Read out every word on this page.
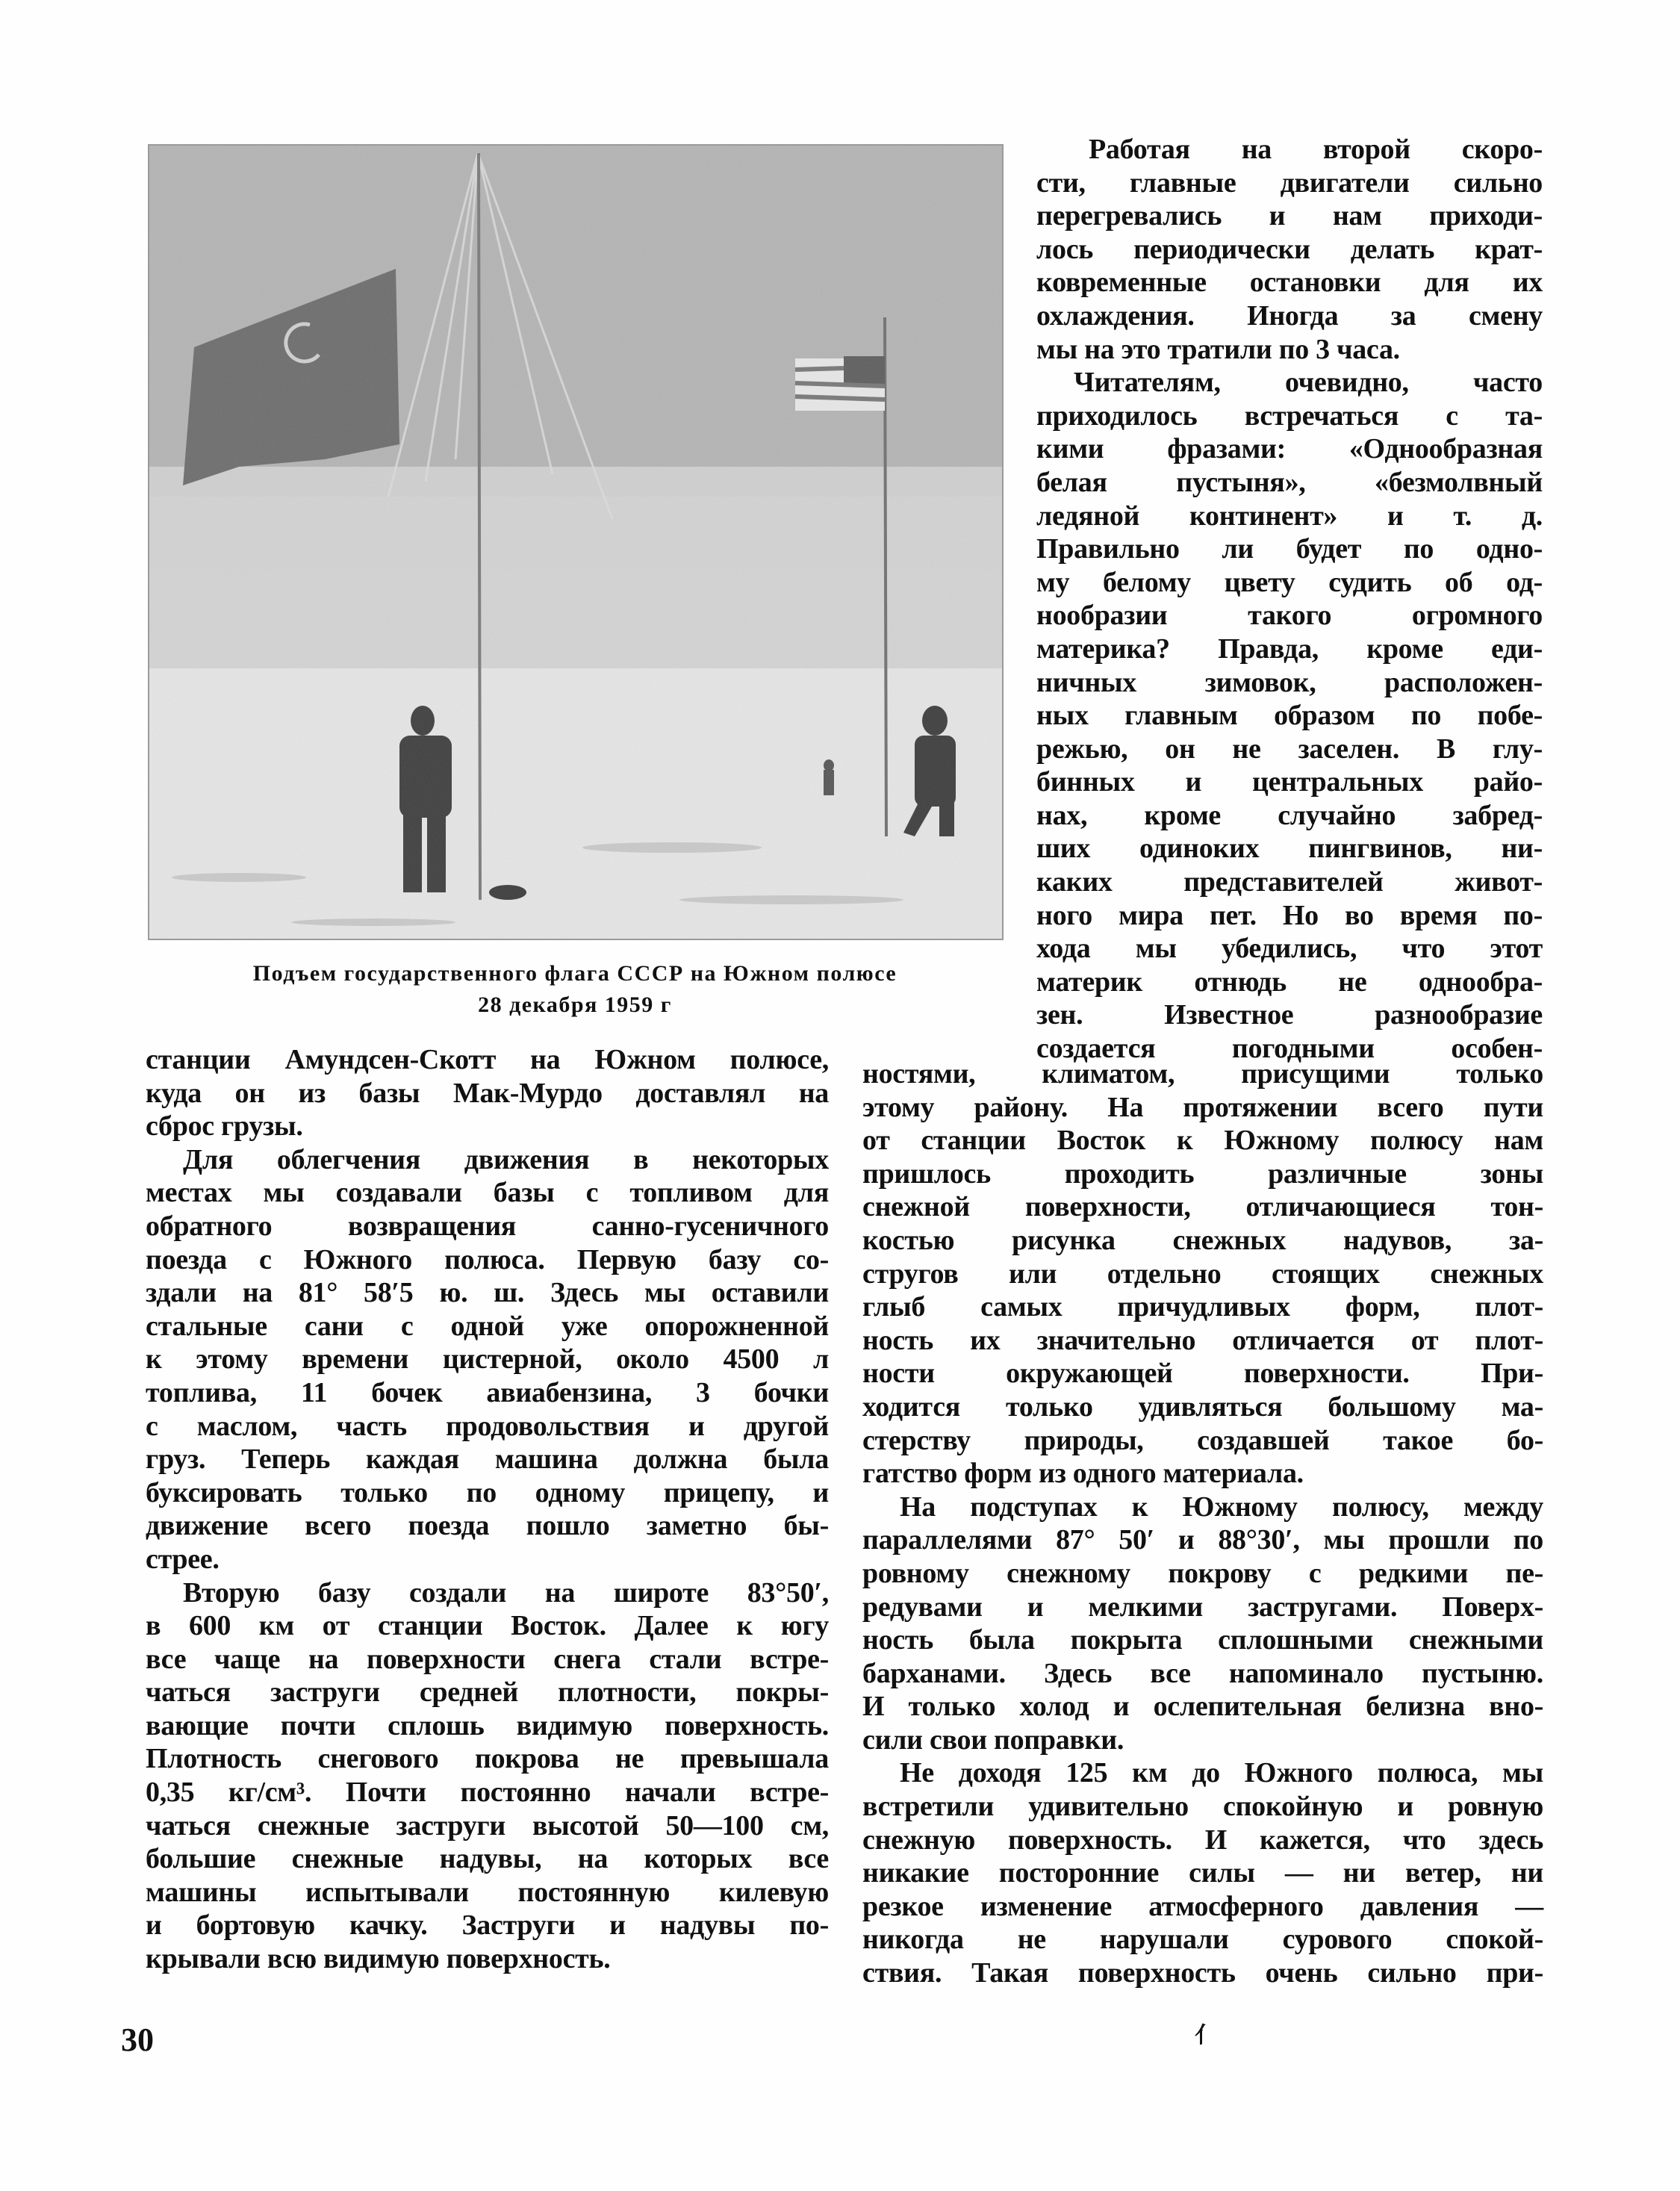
Подъем государственного флага СССР на Южном полюсе
28 декабря 1959 г
Работая на второй скоро-
сти, главные двигатели сильно
перегревались и нам приходи-
лось периодически делать крат-
ковременные остановки для их
охлаждения. Иногда за смену
мы на это тратили по 3 часа.
Читателям, очевидно, часто
приходилось встречаться с та-
кими фразами: «Однообразная
белая пустыня», «безмолвный
ледяной континент» и т. д.
Правильно ли будет по одно-
му белому цвету судить об од-
нообразии такого огромного
материка? Правда, кроме еди-
ничных зимовок, расположен-
ных главным образом по побе-
режью, он не заселен. В глу-
бинных и центральных райо-
нах, кроме случайно забред-
ших одиноких пингвинов, ни-
каких представителей живот-
ного мира пет. Но во время по-
хода мы убедились, что этот
материк отнюдь не однообра-
зен. Известное разнообразие
создается погодными особен-
станции Амундсен-Скотт на Южном полюсе,
куда он из базы Мак-Мурдо доставлял на
сброс грузы.
Для облегчения движения в некоторых
местах мы создавали базы с топливом для
обратного возвращения санно-гусеничного
поезда с Южного полюса. Первую базу со-
здали на 81° 58′5 ю. ш. Здесь мы оставили
стальные сани с одной уже опорожненной
к этому времени цистерной, около 4500 л
топлива, 11 бочек авиабензина, 3 бочки
с маслом, часть продовольствия и другой
груз. Теперь каждая машина должна была
буксировать только по одному прицепу, и
движение всего поезда пошло заметно бы-
стрее.
Вторую базу создали на широте 83°50′,
в 600 км от станции Восток. Далее к югу
все чаще на поверхности снега стали встре-
чаться заструги средней плотности, покры-
вающие почти сплошь видимую поверхность.
Плотность снегового покрова не превышала
0,35 кг/см³. Почти постоянно начали встре-
чаться снежные заструги высотой 50—100 см,
большие снежные надувы, на которых все
машины испытывали постоянную килевую
и бортовую качку. Заструги и надувы по-
крывали всю видимую поверхность.
ностями, климатом, присущими только
этому району. На протяжении всего пути
от станции Восток к Южному полюсу нам
пришлось проходить различные зоны
снежной поверхности, отличающиеся тон-
костью рисунка снежных надувов, за-
стругов или отдельно стоящих снежных
глыб самых причудливых форм, плот-
ность их значительно отличается от плот-
ности окружающей поверхности. При-
ходится только удивляться большому ма-
стерству природы, создавшей такое бо-
гатство форм из одного материала.
На подступах к Южному полюсу, между
параллелями 87° 50′ и 88°30′, мы прошли по
ровному снежному покрову с редкими пе-
редувами и мелкими застругами. Поверх-
ность была покрыта сплошными снежными
барханами. Здесь все напоминало пустыню.
И только холод и ослепительная белизна вно-
сили свои поправки.
Не доходя 125 км до Южного полюса, мы
встретили удивительно спокойную и ровную
снежную поверхность. И кажется, что здесь
никакие посторонние силы — ни ветер, ни
резкое изменение атмосферного давления —
никогда не нарушали сурового спокой-
ствия. Такая поверхность очень сильно при-
30	⺅
